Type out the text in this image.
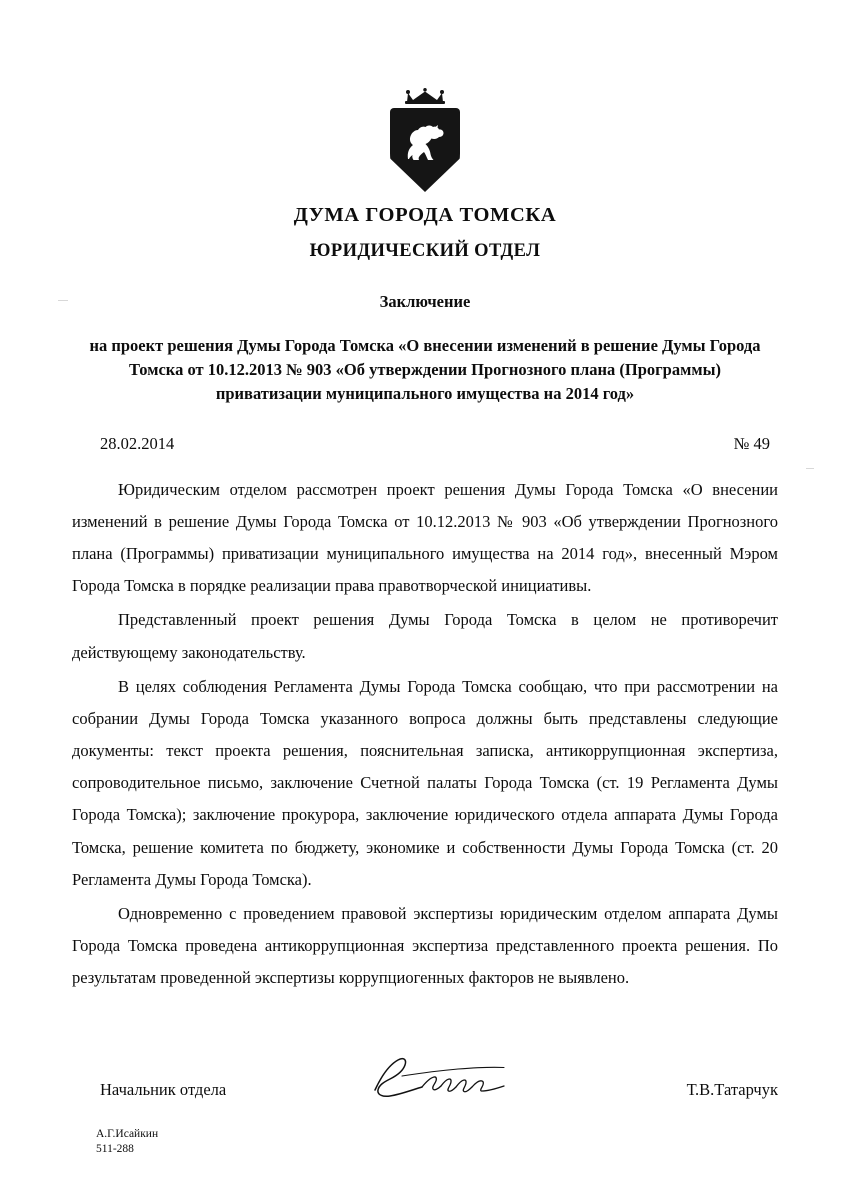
ДУМА ГОРОДА ТОМСКА
ЮРИДИЧЕСКИЙ ОТДЕЛ
Заключение
на проект решения Думы Города Томска «О внесении изменений в решение Думы Города Томска от 10.12.2013 № 903 «Об утверждении Прогнозного плана (Программы) приватизации муниципального имущества на 2014 год»
28.02.2014	№ 49

Юридическим отделом рассмотрен проект решения Думы Города Томска «О внесении изменений в решение Думы Города Томска от 10.12.2013 № 903 «Об утверждении Прогнозного плана (Программы) приватизации муниципального имущества на 2014 год», внесенный Мэром Города Томска в порядке реализации права правотворческой инициативы.

Представленный проект решения Думы Города Томска в целом не противоречит действующему законодательству.

В целях соблюдения Регламента Думы Города Томска сообщаю, что при рассмотрении на собрании Думы Города Томска указанного вопроса должны быть представлены следующие документы: текст проекта решения, пояснительная записка, антикоррупционная экспертиза, сопроводительное письмо, заключение Счетной палаты Города Томска (ст. 19 Регламента Думы Города Томска); заключение прокурора, заключение юридического отдела аппарата Думы Города Томска, решение комитета по бюджету, экономике и собственности Думы Города Томска (ст. 20 Регламента Думы Города Томска).

Одновременно с проведением правовой экспертизы юридическим отделом аппарата Думы Города Томска проведена антикоррупционная экспертиза представленного проекта решения. По результатам проведенной экспертизы коррупциогенных факторов не выявлено.

Начальник отдела	Т.В.Татарчук
А.Г.Исайкин
511-288
